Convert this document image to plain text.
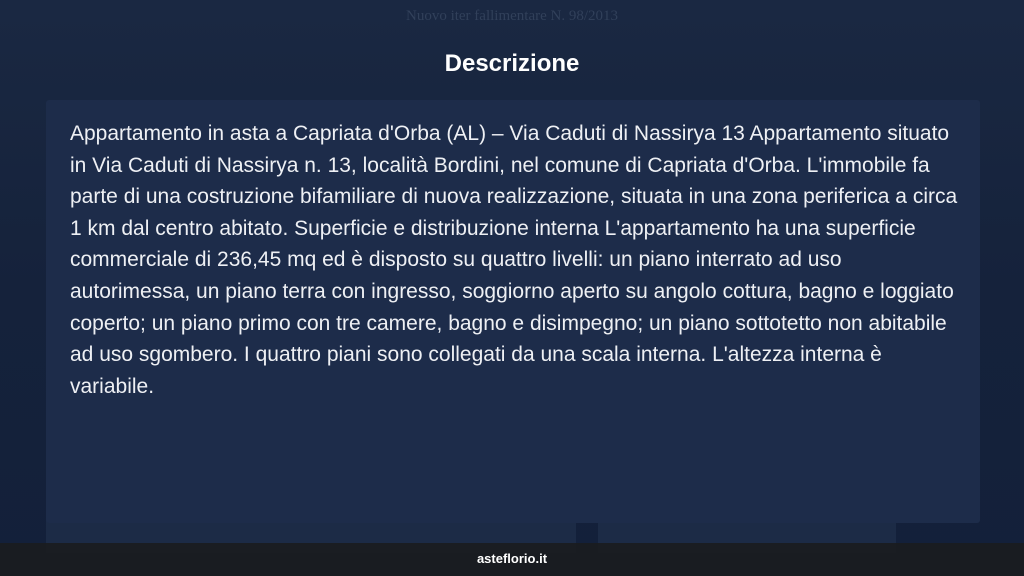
Nuovo iter fallimentare N. 98/2013
Descrizione

Appartamento in asta a Capriata d'Orba (AL) – Via Caduti di Nassirya 13 Appartamento situato in Via Caduti di Nassirya n. 13, località Bordini, nel comune di Capriata d'Orba. L'immobile fa parte di una costruzione bifamiliare di nuova realizzazione, situata in una zona periferica a circa 1 km dal centro abitato. Superficie e distribuzione interna L'appartamento ha una superficie commerciale di 236,45 mq ed è disposto su quattro livelli: un piano interrato ad uso autorimessa, un piano terra con ingresso, soggiorno aperto su angolo cottura, bagno e loggiato coperto; un piano primo con tre camere, bagno e disimpegno; un piano sottotetto non abitabile ad uso sgombero. I quattro piani sono collegati da una scala interna. L'altezza interna è variabile.

asteflorio.it
